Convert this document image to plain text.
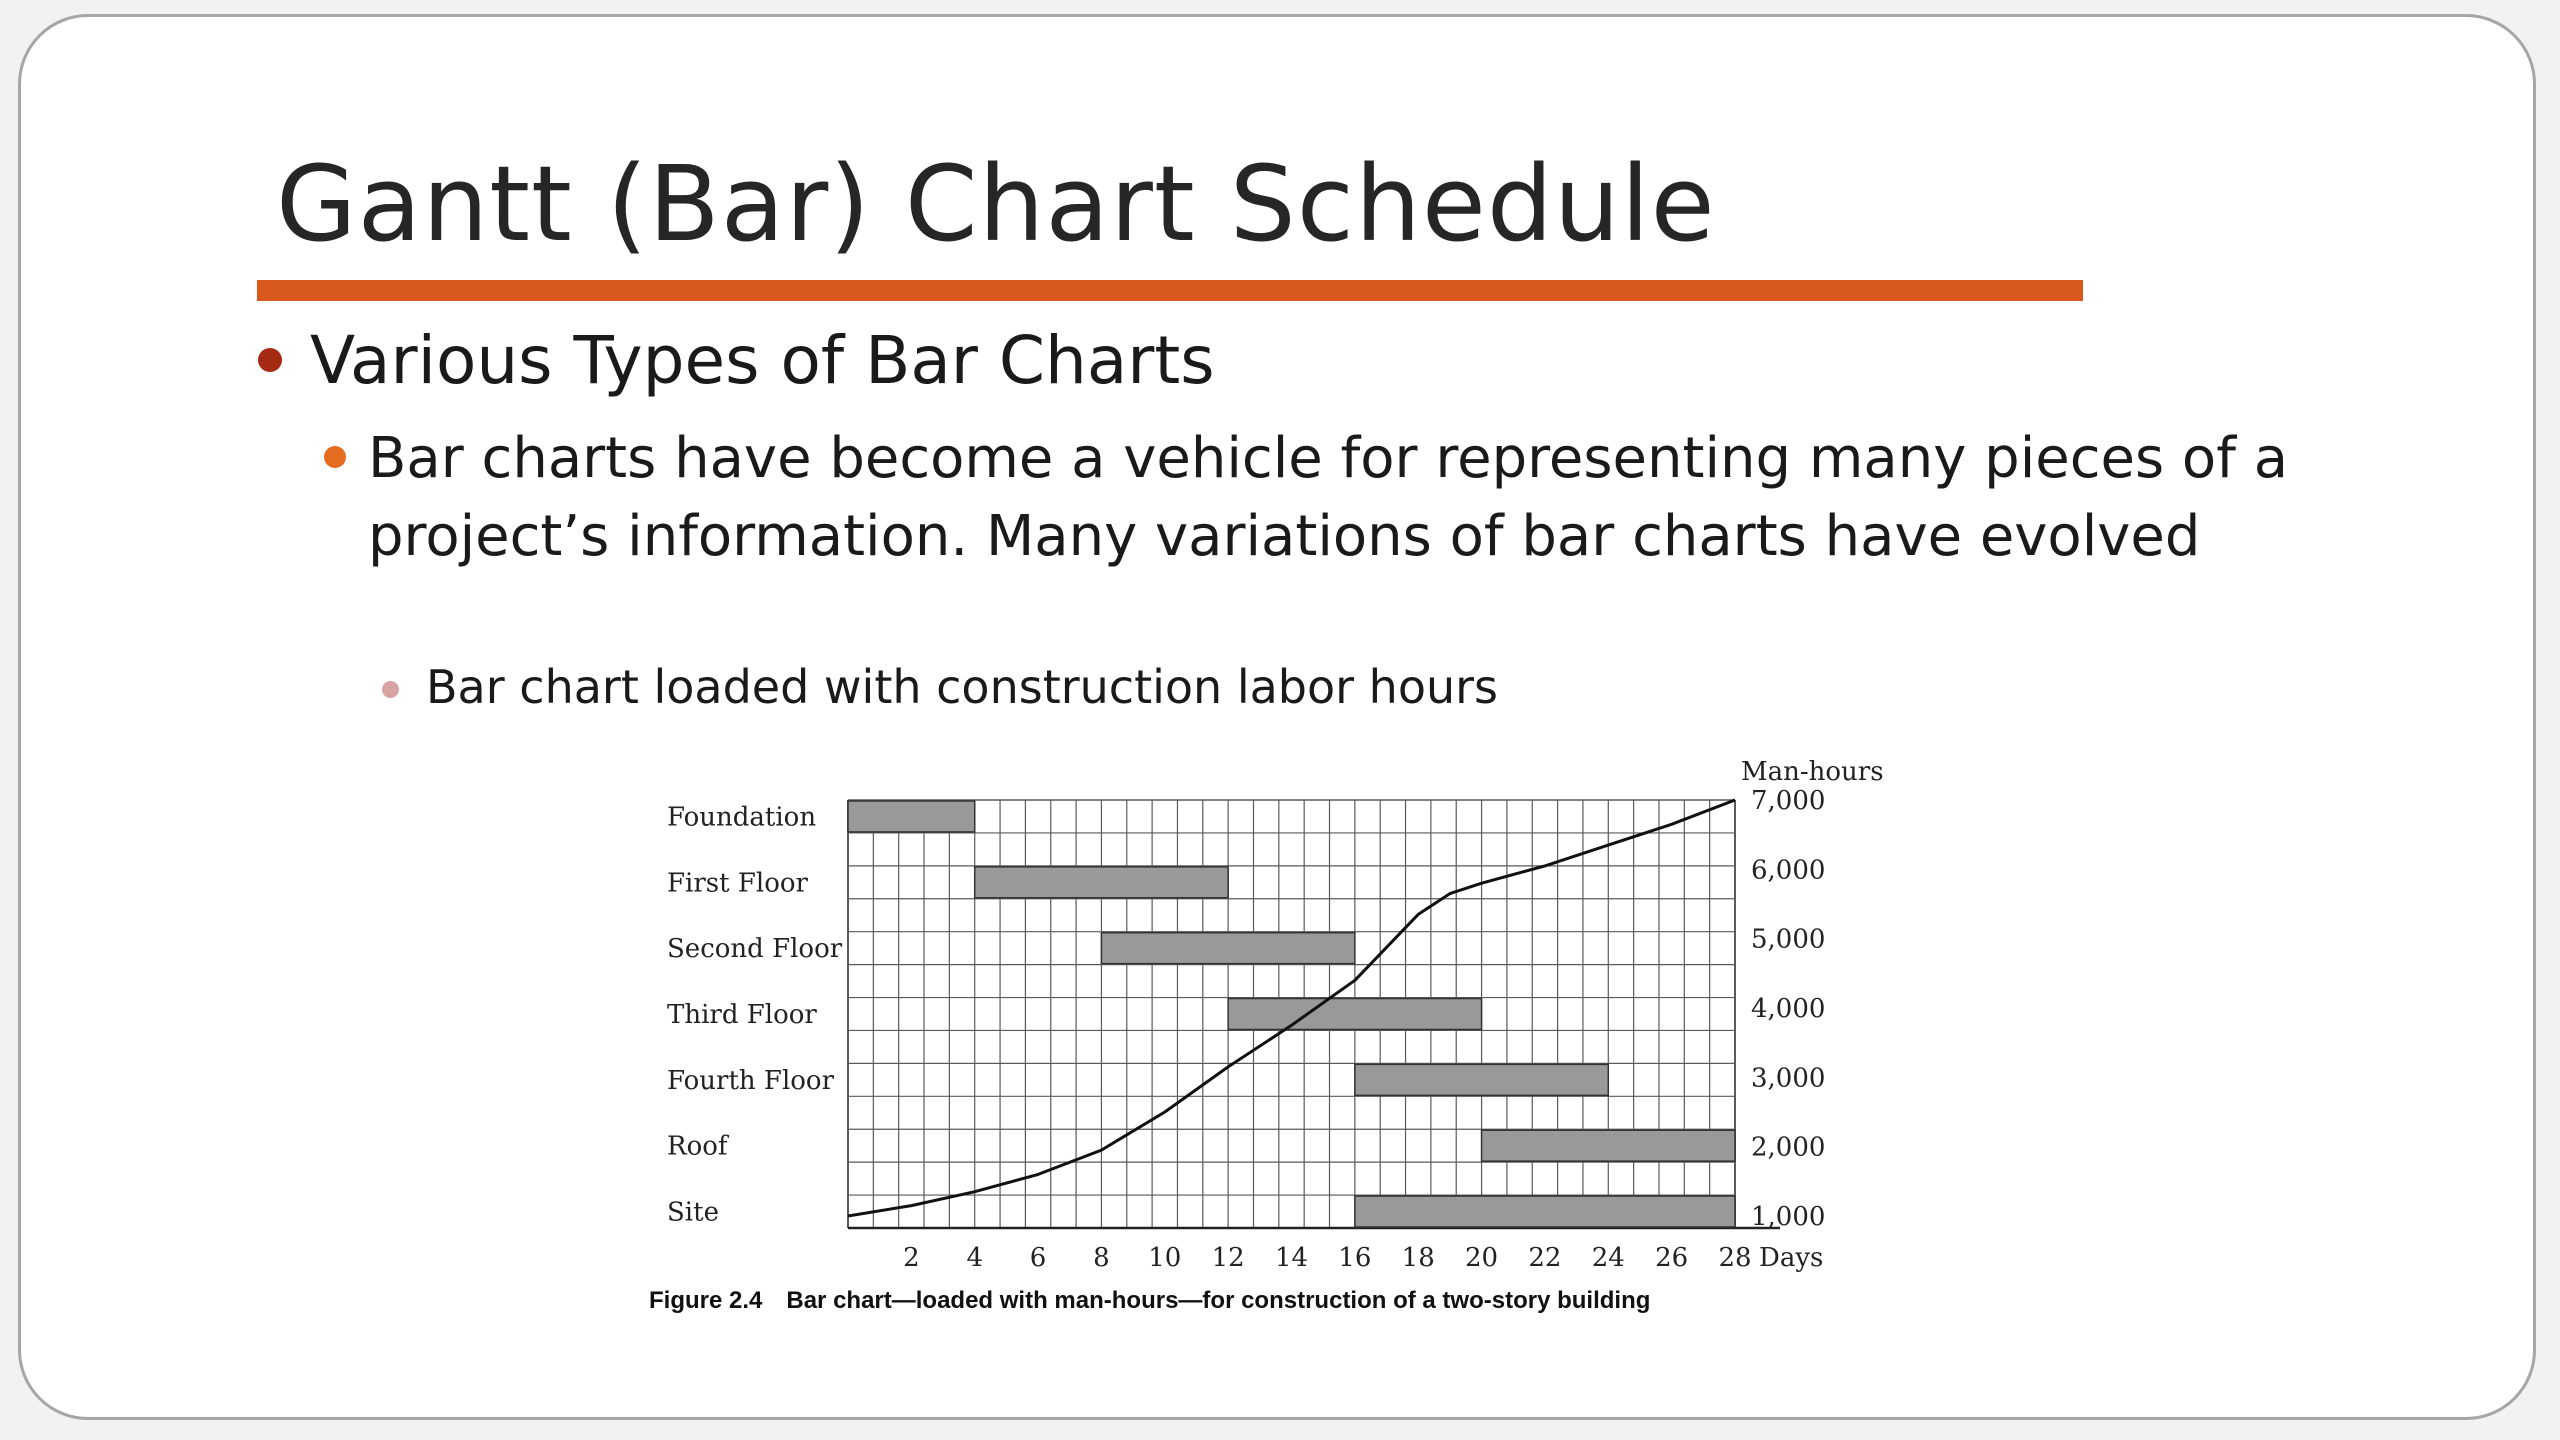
Gantt (Bar) Chart Schedule
Various Types of Bar Charts
Bar charts have become a vehicle for representing many pieces of a project’s information. Many variations of bar charts have evolved
Bar chart loaded with construction labor hours
Foundation
First Floor
Second Floor
Third Floor
Fourth Floor
Roof
Site
2 4 6 8 10 12 14 16 18 20 22 24 26 28 Days
1,000
2,000
3,000
4,000
5,000
6,000
7,000
Man-hours
Figure 2.4 Bar chart—loaded with man-hours—for construction of a two-story building
